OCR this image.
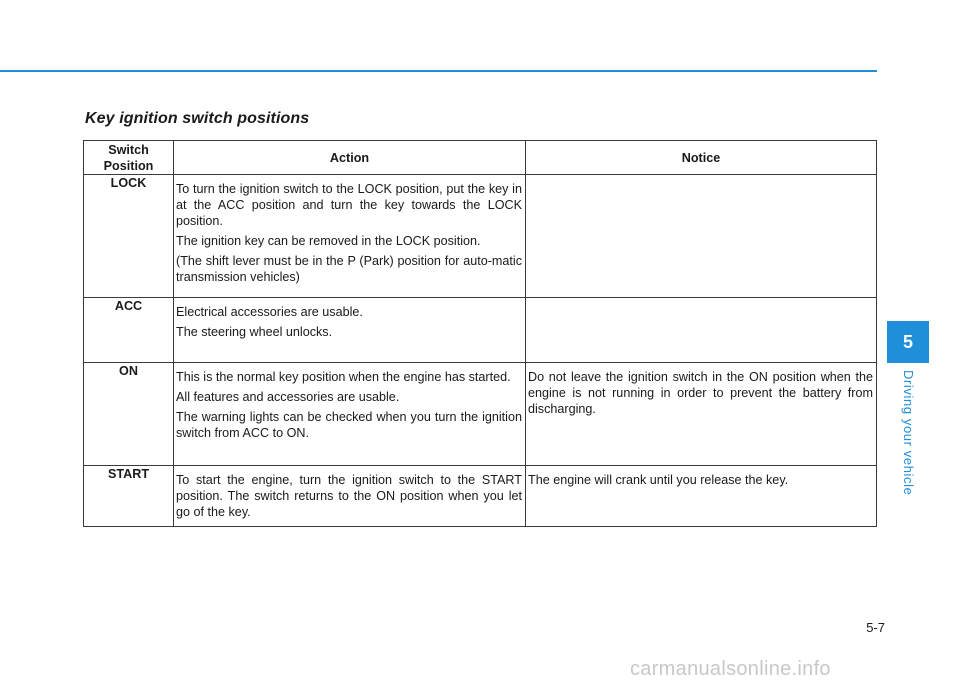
Key ignition switch positions
Switch
Position	Action	Notice
LOCK	To turn the ignition switch to the LOCK position, put the key in at the ACC position and turn the key towards the LOCK position.

The ignition key can be removed in the LOCK position.

(The shift lever must be in the P (Park) position for auto-matic transmission vehicles)	

ACC	Electrical accessories are usable.

The steering wheel unlocks.	

ON	This is the normal key position when the engine has started.

All features and accessories are usable.

The warning lights can be checked when you turn the ignition switch from ACC to ON.	Do not leave the ignition switch in the ON position when the engine is not running in order to prevent the battery from discharging.

START	To start the engine, turn the ignition switch to the START position. The switch returns to the ON position when you let go of the key.	The engine will crank until you release the key.

5
Driving your vehicle
5-7
carmanualsonline.info
